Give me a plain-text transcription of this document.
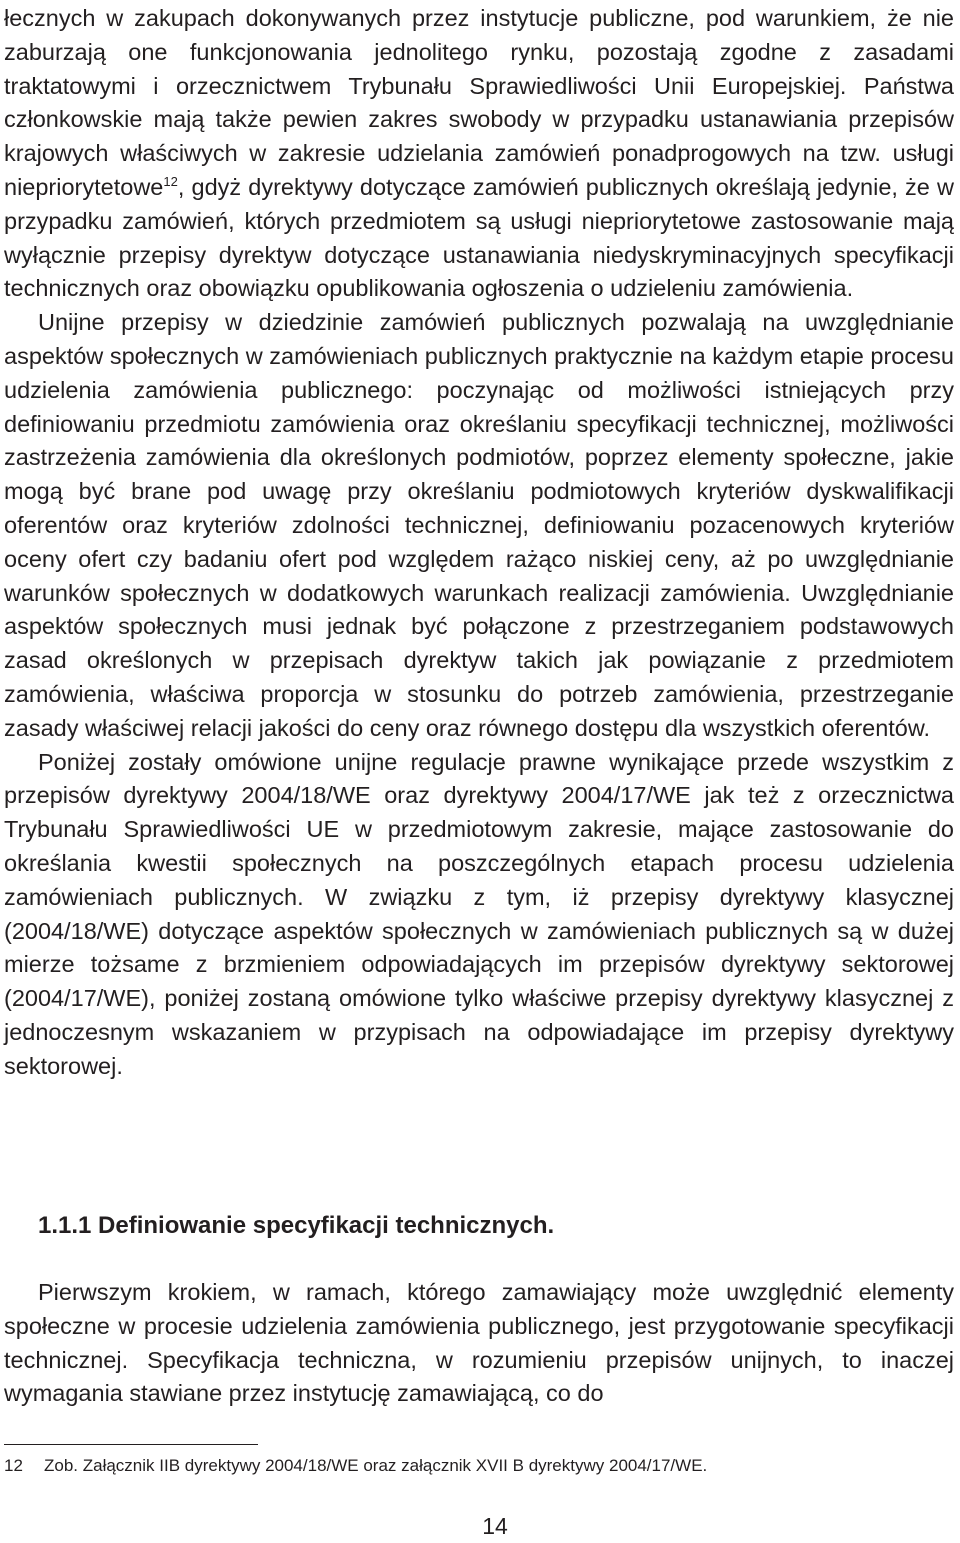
łecznych w zakupach dokonywanych przez instytucje publiczne, pod warunkiem, że nie zaburzają one funkcjonowania jednolitego rynku, pozostają zgodne z zasadami traktatowymi i orzecznictwem Trybunału Sprawiedliwości Unii Europejskiej. Państwa członkowskie mają także pewien zakres swobody w przypadku ustanawiania przepisów krajowych właściwych w zakresie udzielania zamówień ponadprogowych na tzw. usługi niepriorytetowe$^{12}$, gdyż dyrektywy dotyczące zamówień publicznych określają jedynie, że w przypadku zamówień, których przedmiotem są usługi niepriorytetowe zastosowanie mają wyłącznie przepisy dyrektyw dotyczące ustanawiania niedyskryminacyjnych specyfikacji technicznych oraz obowiązku opublikowania ogłoszenia o udzieleniu zamówienia.

Unijne przepisy w dziedzinie zamówień publicznych pozwalają na uwzględnianie aspektów społecznych w zamówieniach publicznych praktycznie na każdym etapie procesu udzielenia zamówienia publicznego: poczynając od możliwości istniejących przy definiowaniu przedmiotu zamówienia oraz określaniu specyfikacji technicznej, możliwości zastrzeżenia zamówienia dla określonych podmiotów, poprzez elementy społeczne, jakie mogą być brane pod uwagę przy określaniu podmiotowych kryteriów dyskwalifikacji oferentów oraz kryteriów zdolności technicznej, definiowaniu pozacenowych kryteriów oceny ofert czy badaniu ofert pod względem rażąco niskiej ceny, aż po uwzględnianie warunków społecznych w dodatkowych warunkach realizacji zamówienia. Uwzględnianie aspektów społecznych musi jednak być połączone z przestrzeganiem podstawowych zasad określonych w przepisach dyrektyw takich jak powiązanie z przedmiotem zamówienia, właściwa proporcja w stosunku do potrzeb zamówienia, przestrzeganie zasady właściwej relacji jakości do ceny oraz równego dostępu dla wszystkich oferentów.

Poniżej zostały omówione unijne regulacje prawne wynikające przede wszystkim z przepisów dyrektywy 2004/18/WE oraz dyrektywy 2004/17/WE jak też z orzecznictwa Trybunału Sprawiedliwości UE w przedmiotowym zakresie, mające zastosowanie do określania kwestii społecznych na poszczególnych etapach procesu udzielenia zamówieniach publicznych. W związku z tym, iż przepisy dyrektywy klasycznej (2004/18/WE) dotyczące aspektów społecznych w zamówieniach publicznych są w dużej mierze tożsame z brzmieniem odpowiadających im przepisów dyrektywy sektorowej (2004/17/WE), poniżej zostaną omówione tylko właściwe przepisy dyrektywy klasycznej z jednoczesnym wskazaniem w przypisach na odpowiadające im przepisy dyrektywy sektorowej.

1.1.1 Definiowanie specyfikacji technicznych.

Pierwszym krokiem, w ramach, którego zamawiający może uwzględnić elementy społeczne w procesie udzielenia zamówienia publicznego, jest przygotowanie specyfikacji technicznej. Specyfikacja techniczna, w rozumieniu przepisów unijnych, to inaczej wymagania stawiane przez instytucję zamawiającą, co do

12 Zob. Załącznik IIB dyrektywy 2004/18/WE oraz załącznik XVII B dyrektywy 2004/17/WE.
14
